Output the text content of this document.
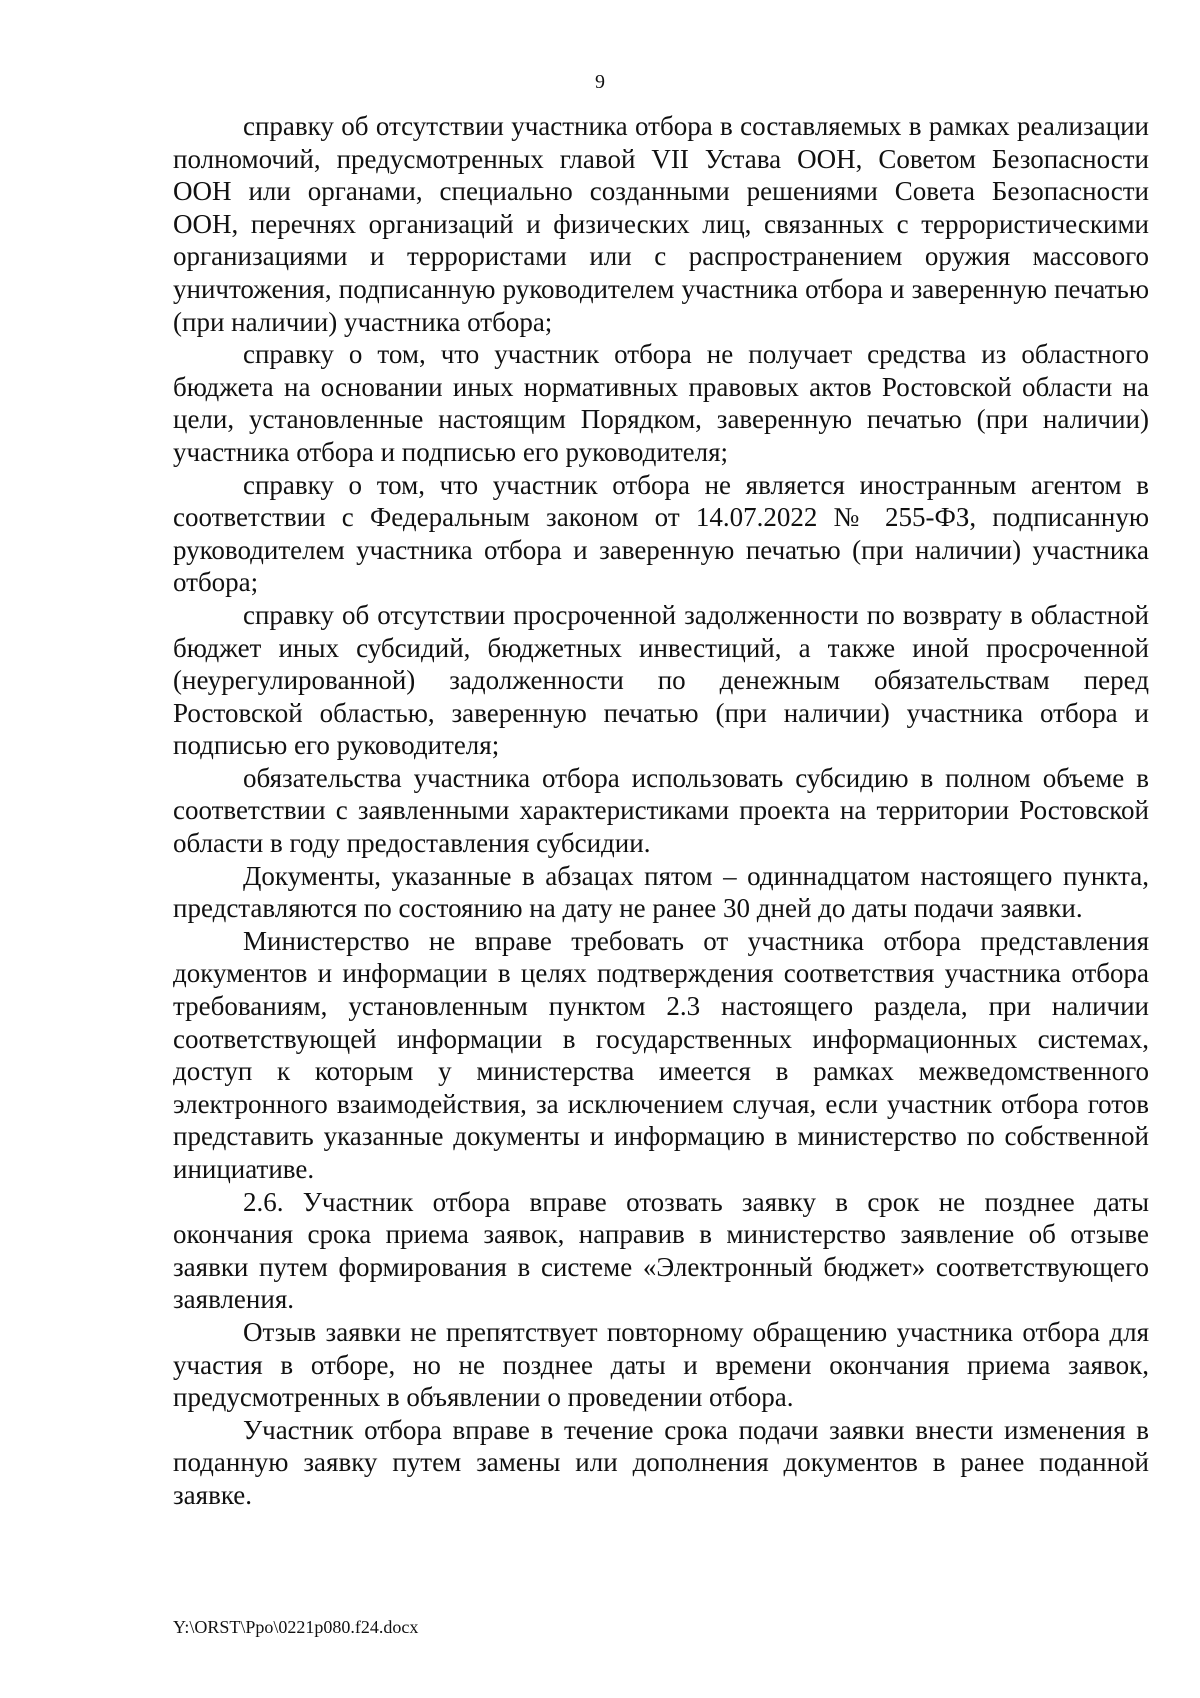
9

справку об отсутствии участника отбора в составляемых в рамках реализации полномочий, предусмотренных главой VII Устава ООН, Советом Безопасности ООН или органами, специально созданными решениями Совета Безопасности ООН, перечнях организаций и физических лиц, связанных с террористическими организациями и террористами или с распространением оружия массового уничтожения, подписанную руководителем участника отбора и заверенную печатью (при наличии) участника отбора;

справку о том, что участник отбора не получает средства из областного бюджета на основании иных нормативных правовых актов Ростовской области на цели, установленные настоящим Порядком, заверенную печатью (при наличии) участника отбора и подписью его руководителя;

справку о том, что участник отбора не является иностранным агентом в соответствии с Федеральным законом от 14.07.2022 № 255-ФЗ, подписанную руководителем участника отбора и заверенную печатью (при наличии) участника отбора;

справку об отсутствии просроченной задолженности по возврату в областной бюджет иных субсидий, бюджетных инвестиций, а также иной просроченной (неурегулированной) задолженности по денежным обязательствам перед Ростовской областью, заверенную печатью (при наличии) участника отбора и подписью его руководителя;

обязательства участника отбора использовать субсидию в полном объеме в соответствии с заявленными характеристиками проекта на территории Ростовской области в году предоставления субсидии.

Документы, указанные в абзацах пятом – одиннадцатом настоящего пункта, представляются по состоянию на дату не ранее 30 дней до даты подачи заявки.

Министерство не вправе требовать от участника отбора представления документов и информации в целях подтверждения соответствия участника отбора требованиям, установленным пунктом 2.3 настоящего раздела, при наличии соответствующей информации в государственных информационных системах, доступ к которым у министерства имеется в рамках межведомственного электронного взаимодействия, за исключением случая, если участник отбора готов представить указанные документы и информацию в министерство по собственной инициативе.

2.6. Участник отбора вправе отозвать заявку в срок не позднее даты окончания срока приема заявок, направив в министерство заявление об отзыве заявки путем формирования в системе «Электронный бюджет» соответствующего заявления.

Отзыв заявки не препятствует повторному обращению участника отбора для участия в отборе, но не позднее даты и времени окончания приема заявок, предусмотренных в объявлении о проведении отбора.

Участник отбора вправе в течение срока подачи заявки внести изменения в поданную заявку путем замены или дополнения документов в ранее поданной заявке.

Y:\ORST\Ppo\0221p080.f24.docx
